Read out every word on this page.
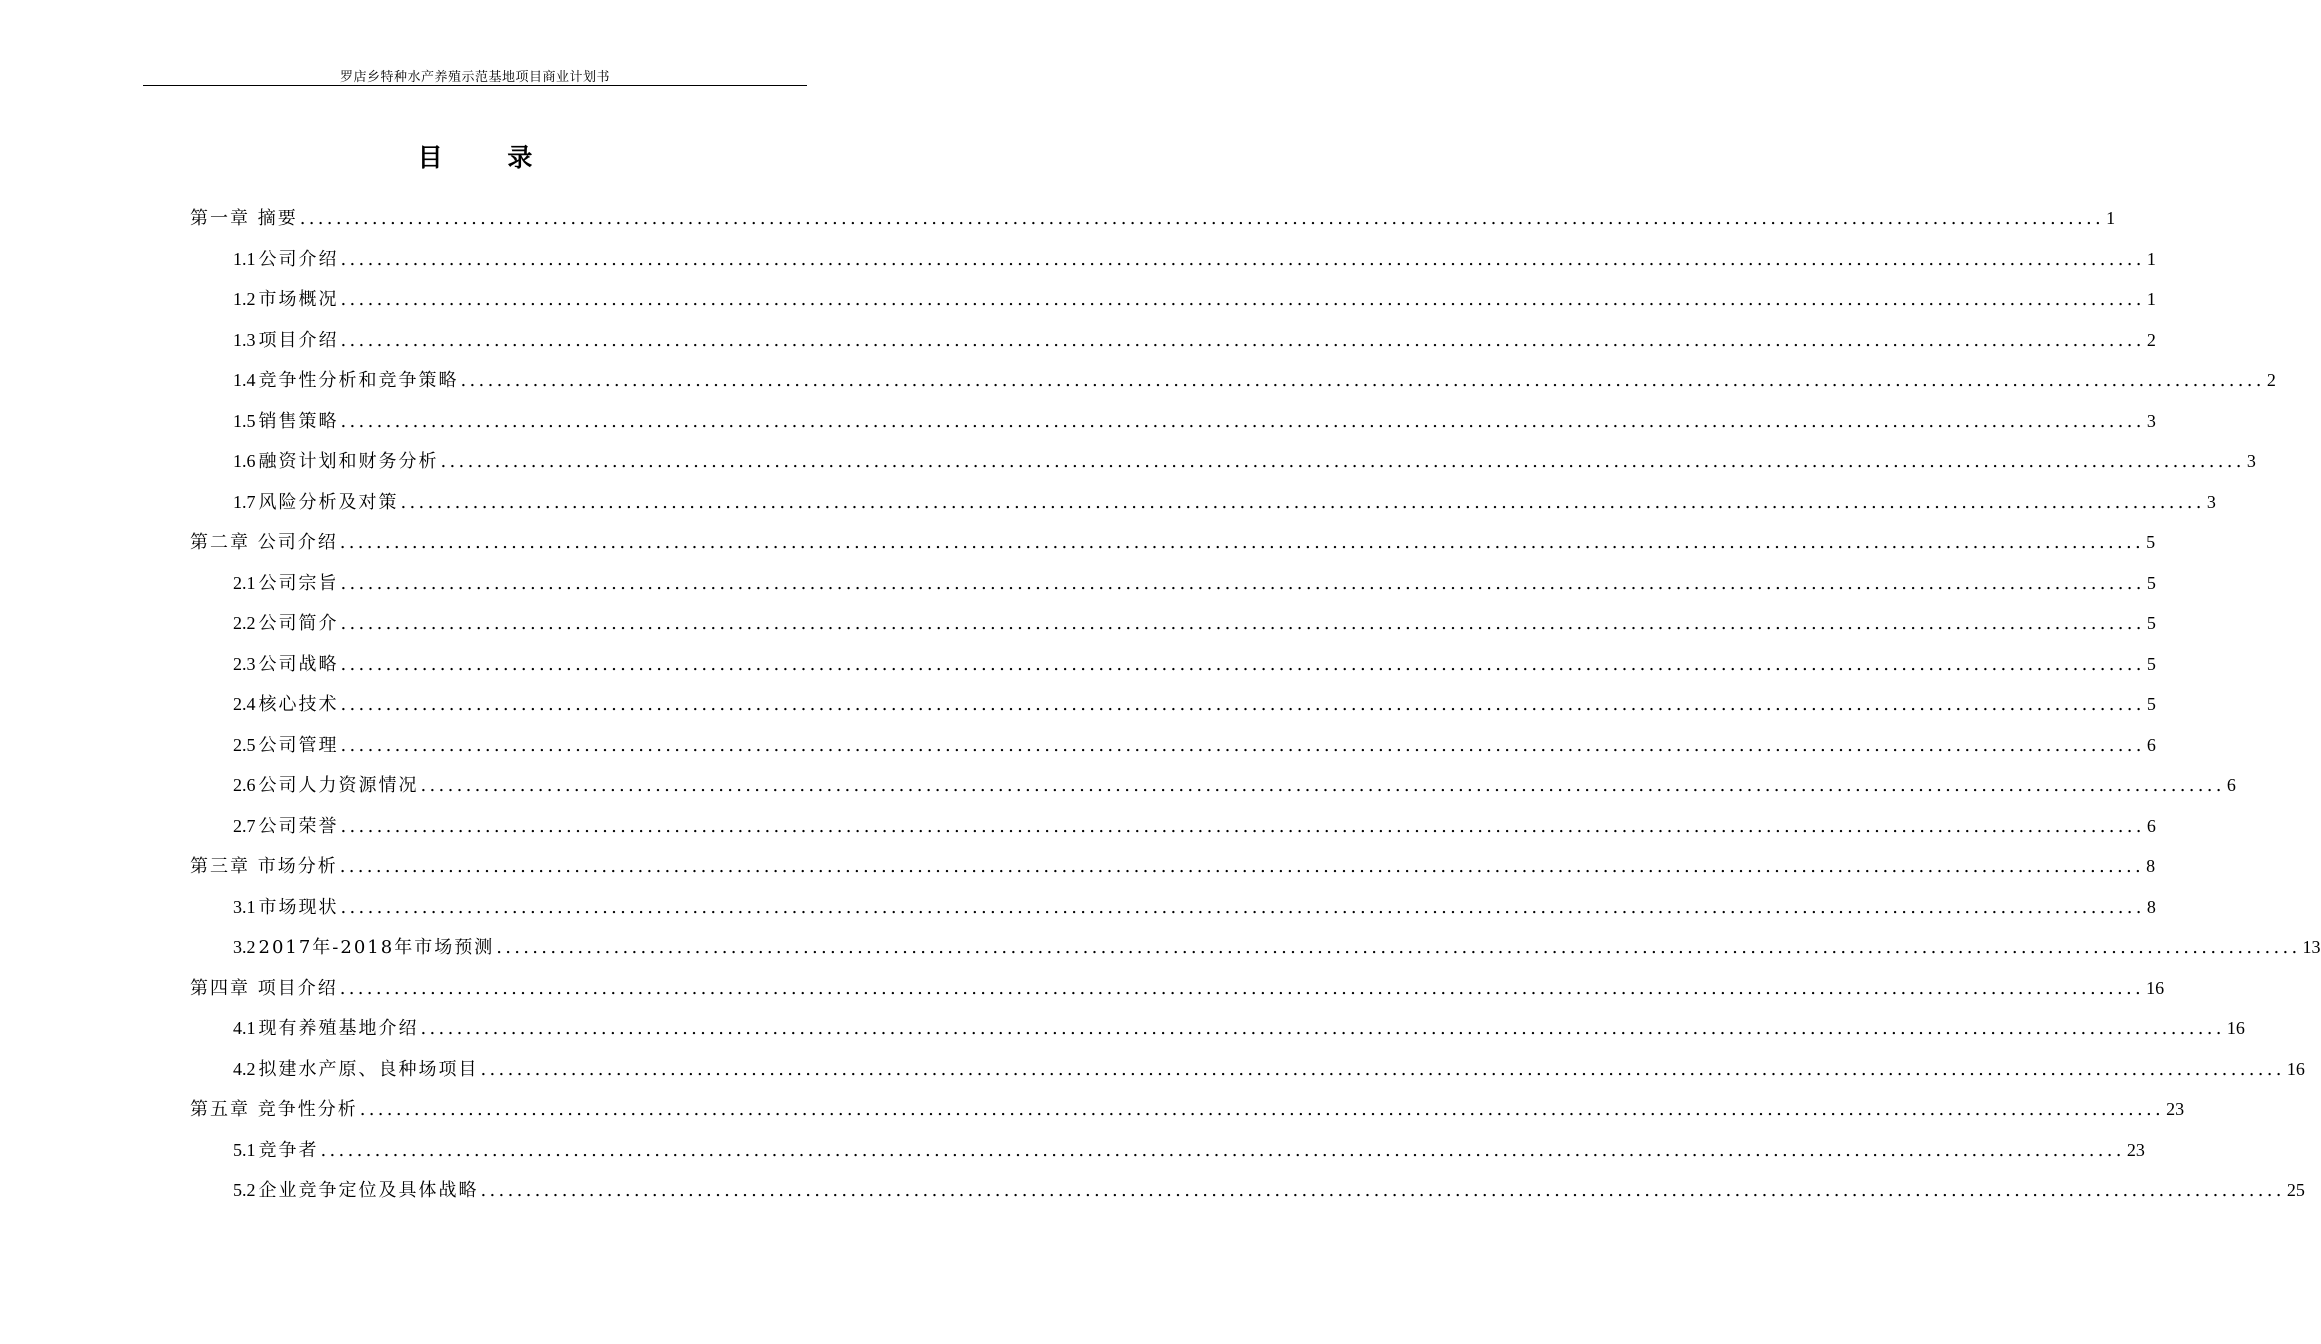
罗店乡特种水产养殖示范基地项目商业计划书
目 录
第一章 摘要 ........................................................................................................................................................................................................ 1
1.1 公司介绍 ........................................................................................................................................................................................................ 1
1.2 市场概况 ........................................................................................................................................................................................................ 1
1.3 项目介绍 ........................................................................................................................................................................................................ 2
1.4 竞争性分析和竞争策略 ........................................................................................................................................................................................................ 2
1.5 销售策略 ........................................................................................................................................................................................................ 3
1.6 融资计划和财务分析 ........................................................................................................................................................................................................ 3
1.7 风险分析及对策 ........................................................................................................................................................................................................ 3
第二章 公司介绍 ........................................................................................................................................................................................................ 5
2.1 公司宗旨 ........................................................................................................................................................................................................ 5
2.2 公司简介 ........................................................................................................................................................................................................ 5
2.3 公司战略 ........................................................................................................................................................................................................ 5
2.4 核心技术 ........................................................................................................................................................................................................ 5
2.5 公司管理 ........................................................................................................................................................................................................ 6
2.6 公司人力资源情况 ........................................................................................................................................................................................................ 6
2.7 公司荣誉 ........................................................................................................................................................................................................ 6
第三章 市场分析 ........................................................................................................................................................................................................ 8
3.1 市场现状 ........................................................................................................................................................................................................ 8
3.2 2017年-2018年市场预测 ........................................................................................................................................................................................................ 13
第四章 项目介绍 ........................................................................................................................................................................................................ 16
4.1 现有养殖基地介绍 ........................................................................................................................................................................................................ 16
4.2 拟建水产原、良种场项目 ........................................................................................................................................................................................................ 16
第五章 竞争性分析 ........................................................................................................................................................................................................ 23
5.1 竞争者 ........................................................................................................................................................................................................ 23
5.2 企业竞争定位及具体战略 ........................................................................................................................................................................................................ 25
